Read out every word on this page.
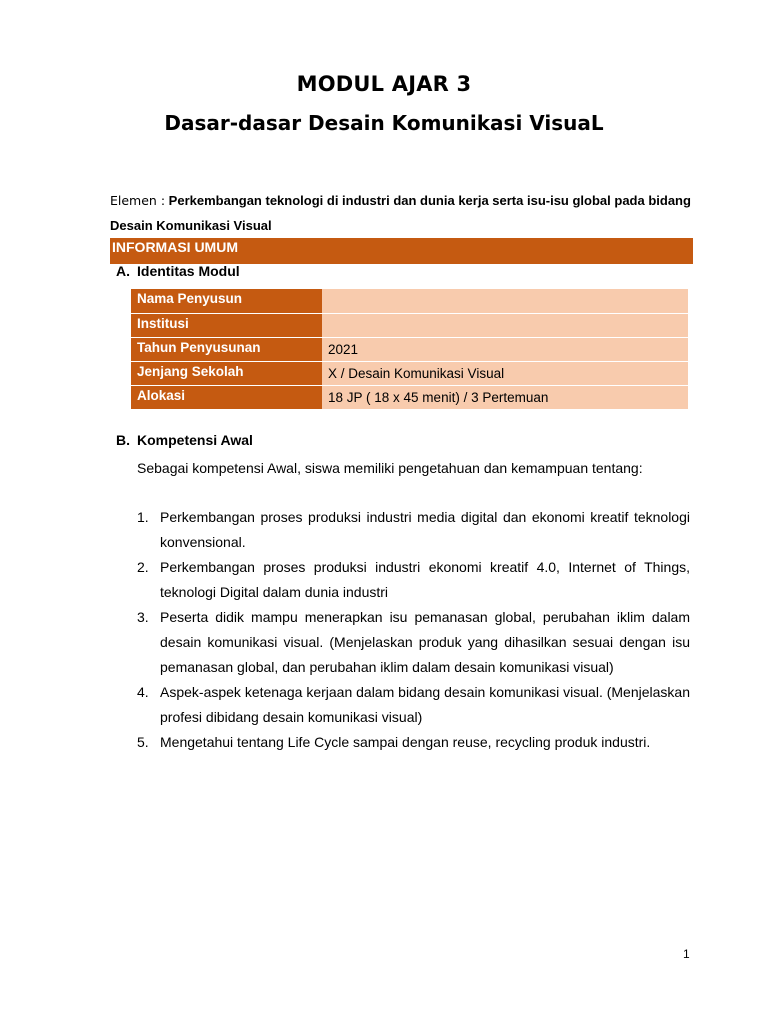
MODUL AJAR 3
Dasar-dasar Desain Komunikasi VisuaL
Elemen : Perkembangan teknologi di industri dan dunia kerja serta isu-isu global pada bidang Desain Komunikasi Visual
INFORMASI UMUM
A. Identitas Modul
Nama Penyusun	
Institusi	
Tahun Penyusunan	2021
Jenjang Sekolah	X / Desain Komunikasi Visual
Alokasi	18 JP ( 18 x 45 menit) / 3 Pertemuan
B. Kompetensi Awal

Sebagai kompetensi Awal, siswa memiliki pengetahuan dan kemampuan tentang:

1. Perkembangan proses produksi industri media digital dan ekonomi kreatif teknologi konvensional.
2. Perkembangan proses produksi industri ekonomi kreatif 4.0, Internet of Things, teknologi Digital dalam dunia industri
3. Peserta didik mampu menerapkan isu pemanasan global, perubahan iklim dalam desain komunikasi visual. (Menjelaskan produk yang dihasilkan sesuai dengan isu pemanasan global, dan perubahan iklim dalam desain komunikasi visual)
4. Aspek-aspek ketenaga kerjaan dalam bidang desain komunikasi visual. (Menjelaskan profesi dibidang desain komunikasi visual)
5. Mengetahui tentang Life Cycle sampai dengan reuse, recycling produk industri.
1
